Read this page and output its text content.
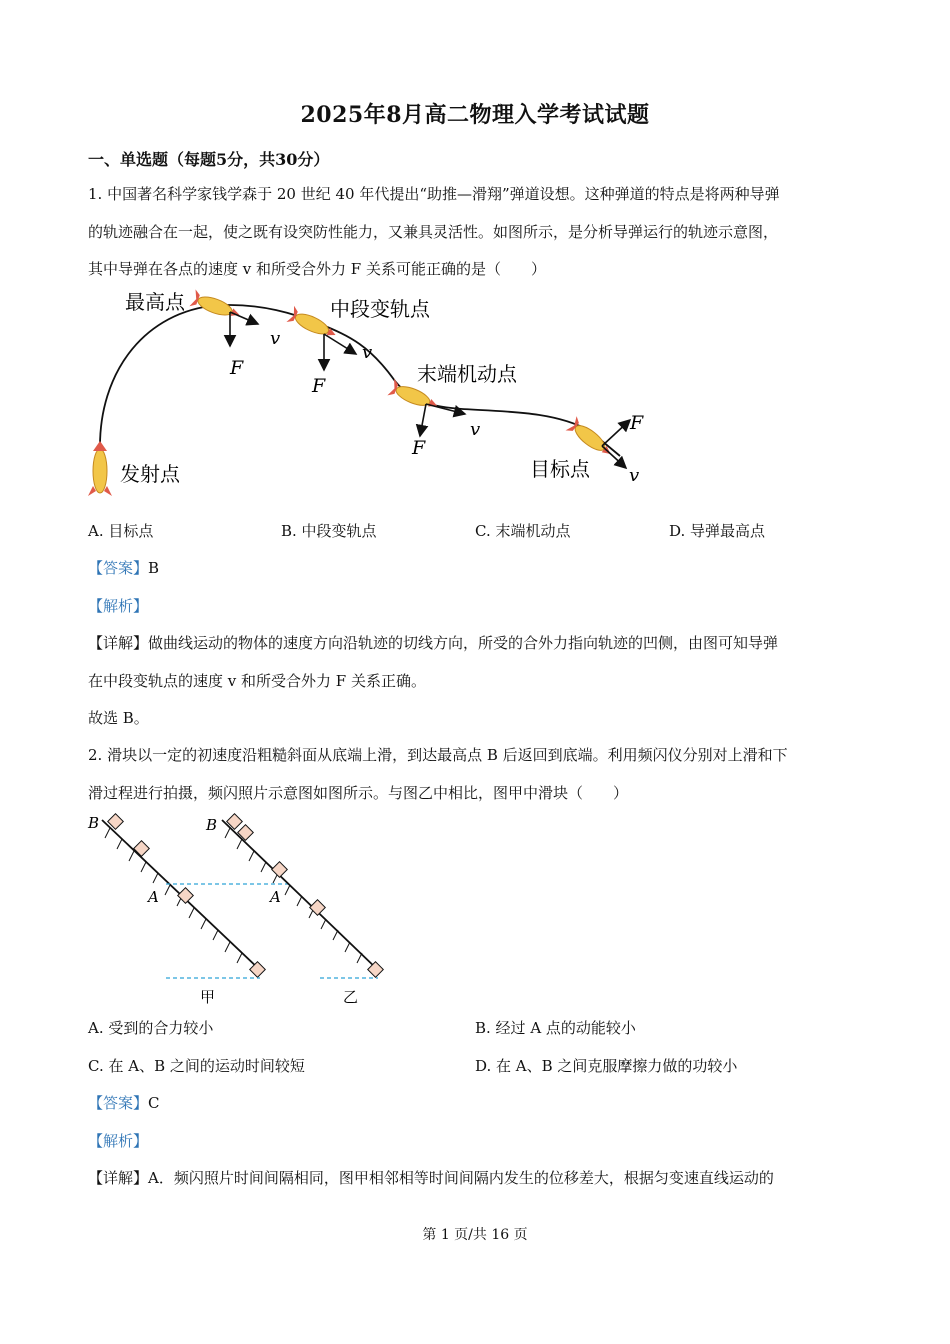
2025年8月高二物理入学考试试题
一、单选题（每题5分，共30分）
1. 中国著名科学家钱学森于 20 世纪 40 年代提出“助推—滑翔”弹道设想。这种弹道的特点是将两种导弹
的轨迹融合在一起，使之既有设突防性能力，又兼具灵活性。如图所示，是分析导弹运行的轨迹示意图，
其中导弹在各点的速度 v 和所受合外力 F 关系可能正确的是（　　）
最高点	中段变轨点
末端机动点
目标点
发射点
F
v
F
v
F
v	F
v
A. 目标点	B. 中段变轨点	C. 末端机动点	D. 导弹最高点
【答案】B
【解析】
【详解】做曲线运动的物体的速度方向沿轨迹的切线方向，所受的合外力指向轨迹的凹侧，由图可知导弹
在中段变轨点的速度 v 和所受合外力 F 关系正确。
故选 B。
2. 滑块以一定的初速度沿粗糙斜面从底端上滑，到达最高点 B 后返回到底端。利用频闪仪分别对上滑和下
滑过程进行拍摄，频闪照片示意图如图所示。与图乙中相比，图甲中滑块（　　）
B
A
甲
B
A
乙
A. 受到的合力较小	B. 经过 A 点的动能较小
C. 在 A、B 之间的运动时间较短	D. 在 A、B 之间克服摩擦力做的功较小
【答案】C
【解析】
【详解】A．频闪照片时间间隔相同，图甲相邻相等时间间隔内发生的位移差大，根据匀变速直线运动的
第 1 页/共 16 页
